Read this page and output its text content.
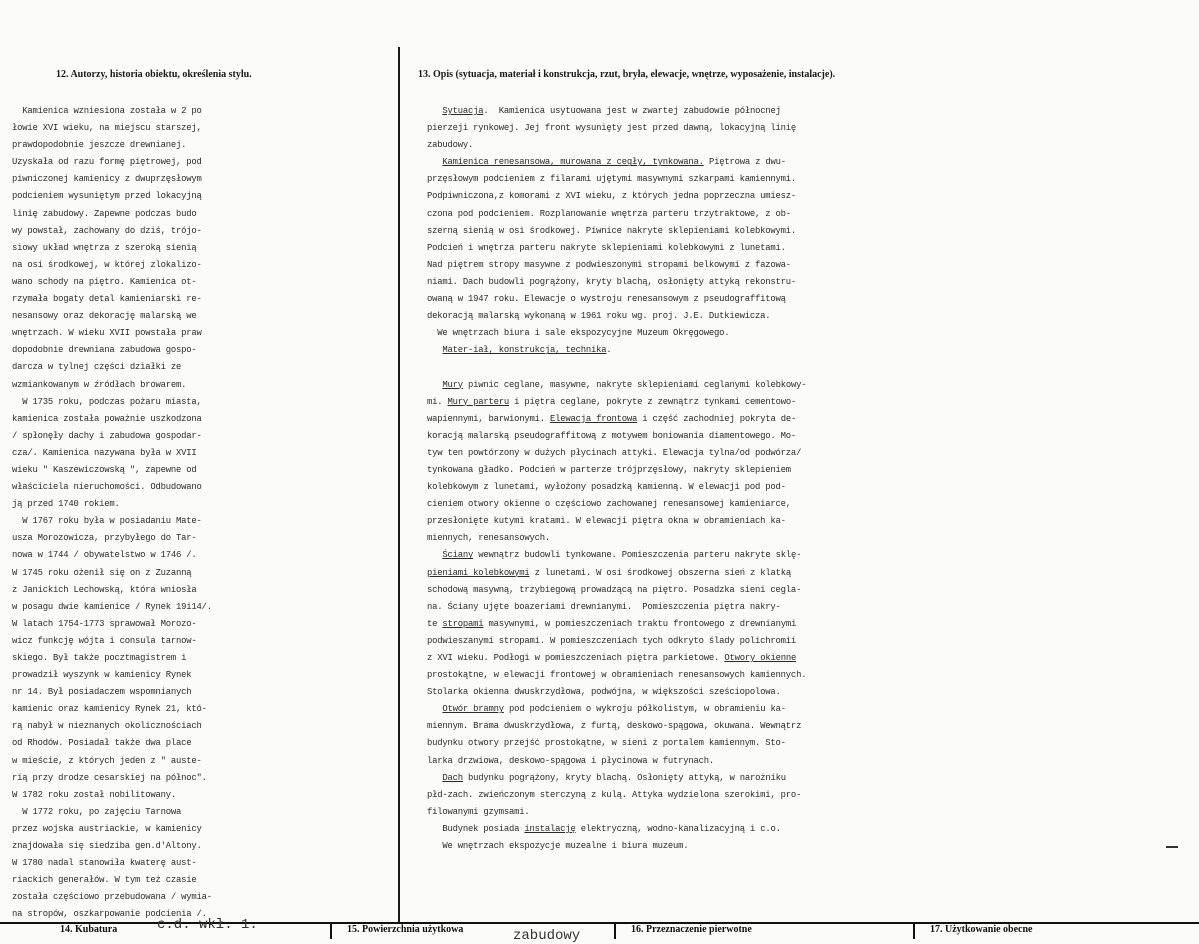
12. Autorzy, historia obiektu, określenia stylu.	13. Opis (sytuacja, materiał i konstrukcja, rzut, bryła, elewacje, wnętrze, wyposażenie, instalacje).
Kamienica wzniesiona została w 2 po
łowie XVI wieku, na miejscu starszej,
prawdopodobnie jeszcze drewnianej.
Uzyskała od razu formę piętrowej, pod
piwniczonej kamienicy z dwuprzęsłowym
podcieniem wysuniętym przed lokacyjną
linię zabudowy. Zapewne podczas budo
wy powstał, zachowany do dziś, trójo-
siowy układ wnętrza z szeroką sienią
na osi środkowej, w której zlokalizo-
wano schody na piętro. Kamienica ot-
rzymała bogaty detal kamieniarski re-
nesansowy oraz dekorację malarską we
wnętrzach. W wieku XVII powstała praw
dopodobnie drewniana zabudowa gospo-
darcza w tylnej części działki ze
wzmiankowanym w źródłach browarem.
W 1735 roku, podczas pożaru miasta,
kamienica została poważnie uszkodzona
/ spłonęły dachy i zabudowa gospodar-
cza/. Kamienica nazywana była w XVII
wieku " Kaszewiczowską ", zapewne od
właściciela nieruchomości. Odbudowano
ją przed 1740 rokiem.
W 1767 roku była w posiadaniu Mate-
usza Morozowicza, przybyłego do Tar-
nowa w 1744 / obywatelstwo w 1746 /.
W 1745 roku ożenił się on z Zuzanną
z Janickich Lechowską, która wniosła
w posagu dwie kamienice / Rynek 19i14/.
W latach 1754-1773 sprawował Morozo-
wicz funkcję wójta i consula tarnow-
skiego. Był także pocztmagistrem i
prowadził wyszynk w kamienicy Rynek
nr 14. Był posiadaczem wspomnianych
kamienic oraz kamienicy Rynek 21, któ-
rą nabył w nieznanych okolicznościach
od Rhodów. Posiadał także dwa place
w mieście, z których jeden z " auste-
rią przy drodze cesarskiej na północ".
W 1782 roku został nobilitowany.
W 1772 roku, po zajęciu Tarnowa
przez wojska austriackie, w kamienicy
znajdowała się siedziba gen.d'Altony.
W 1780 nadal stanowiła kwaterę aust-
riackich generałów. W tym też czasie
została częściowo przebudowana / wymia-
na stropów, oszkarpowanie podcienia /.
Sytuacja.  Kamienica usytuowana jest w zwartej zabudowie północnej
pierzeji rynkowej. Jej front wysunięty jest przed dawną, lokacyjną linię
zabudowy.
Kamienica renesansowa, murowana z cegły, tynkowana. Piętrowa z dwu-
przęsłowym podcieniem z filarami ujętymi masywnymi szkarpami kamiennymi.
Podpiwniczona,z komorami z XVI wieku, z których jedna poprzeczna umiesz-
czona pod podcieniem. Rozplanowanie wnętrza parteru trzytraktowe, z ob-
szerną sienią w osi środkowej. Piwnice nakryte sklepieniami kolebkowymi.
Podcień i wnętrza parteru nakryte sklepieniami kolebkowymi z lunetami.
Nad piętrem stropy masywne z podwieszonymi stropami belkowymi z fazowa-
niami. Dach budowli pogrążony, kryty blachą, osłonięty attyką rekonstru-
owaną w 1947 roku. Elewacje o wystroju renesansowym z pseudograffitową
dekoracją malarską wykonaną w 1961 roku wg. proj. J.E. Dutkiewicza.
We wnętrzach biura i sale ekspozycyjne Muzeum Okręgowego.
Mater-iał, konstrukcja, technika.
Mury piwnic ceglane, masywne, nakryte sklepieniami ceglanymi kolebkowy-
mi. Mury parteru i piętra ceglane, pokryte z zewnątrz tynkami cementowo-
wapiennymi, barwionymi. Elewacja frontowa i część zachodniej pokryta de-
koracją malarską pseudograffitową z motywem boniowania diamentowego. Mo-
tyw ten powtórzony w dużych płycinach attyki. Elewacja tylna/od podwórza/
tynkowana gładko. Podcień w parterze trójprzęsłowy, nakryty sklepieniem
kolebkowym z lunetami, wyłożony posadzką kamienną. W elewacji pod pod-
cieniem otwory okienne o częściowo zachowanej renesansowej kamieniarce,
przesłonięte kutymi kratami. W elewacji piętra okna w obramieniach ka-
miennych, renesansowych.
Ściany wewnątrz budowli tynkowane. Pomieszczenia parteru nakryte sklę-
pieniami kolebkowymi z lunetami. W osi środkowej obszerna sień z klatką
schodową masywną, trzybiegową prowadzącą na piętro. Posadzka sieni cegla-
na. Ściany ujęte boazeriami drewnianymi.  Pomieszczenia piętra nakry-
te stropami masywnymi, w pomieszczeniach traktu frontowego z drewnianymi
podwieszanymi stropami. W pomieszczeniach tych odkryto ślady polichromii
z XVI wieku. Podłogi w pomieszczeniach piętra parkietowe. Otwory okienne
prostokątne, w elewacji frontowej w obramieniach renesansowych kamiennych.
Stolarka okienna dwuskrzydłowa, podwójna, w większości sześciopolowa.
Otwór bramny pod podcieniem o wykroju półkolistym, w obramieniu ka-
miennym. Brama dwuskrzydłowa, z furtą, deskowo-spągowa, okuwana. Wewnątrz
budynku otwory przejść prostokątne, w sieni z portalem kamiennym. Sto-
larka drzwiowa, deskowo-spągowa i płycinowa w futrynach.
Dach budynku pogrążony, kryty blachą. Osłonięty attyką, w narożniku
płd-zach. zwieńczonym sterczyną z kulą. Attyka wydzielona szerokimi, pro-
filowanymi gzymsami.
Budynek posiada instalację elektryczną, wodno-kanalizacyjną i c.o.
We wnętrzach ekspozycje muzealne i biura muzeum.
14. Kubatura	c.d. wkł. 1.	15. Powierzchnia użytkowa	zabudowy	16. Przeznaczenie pierwotne	17. Użytkowanie obecne
